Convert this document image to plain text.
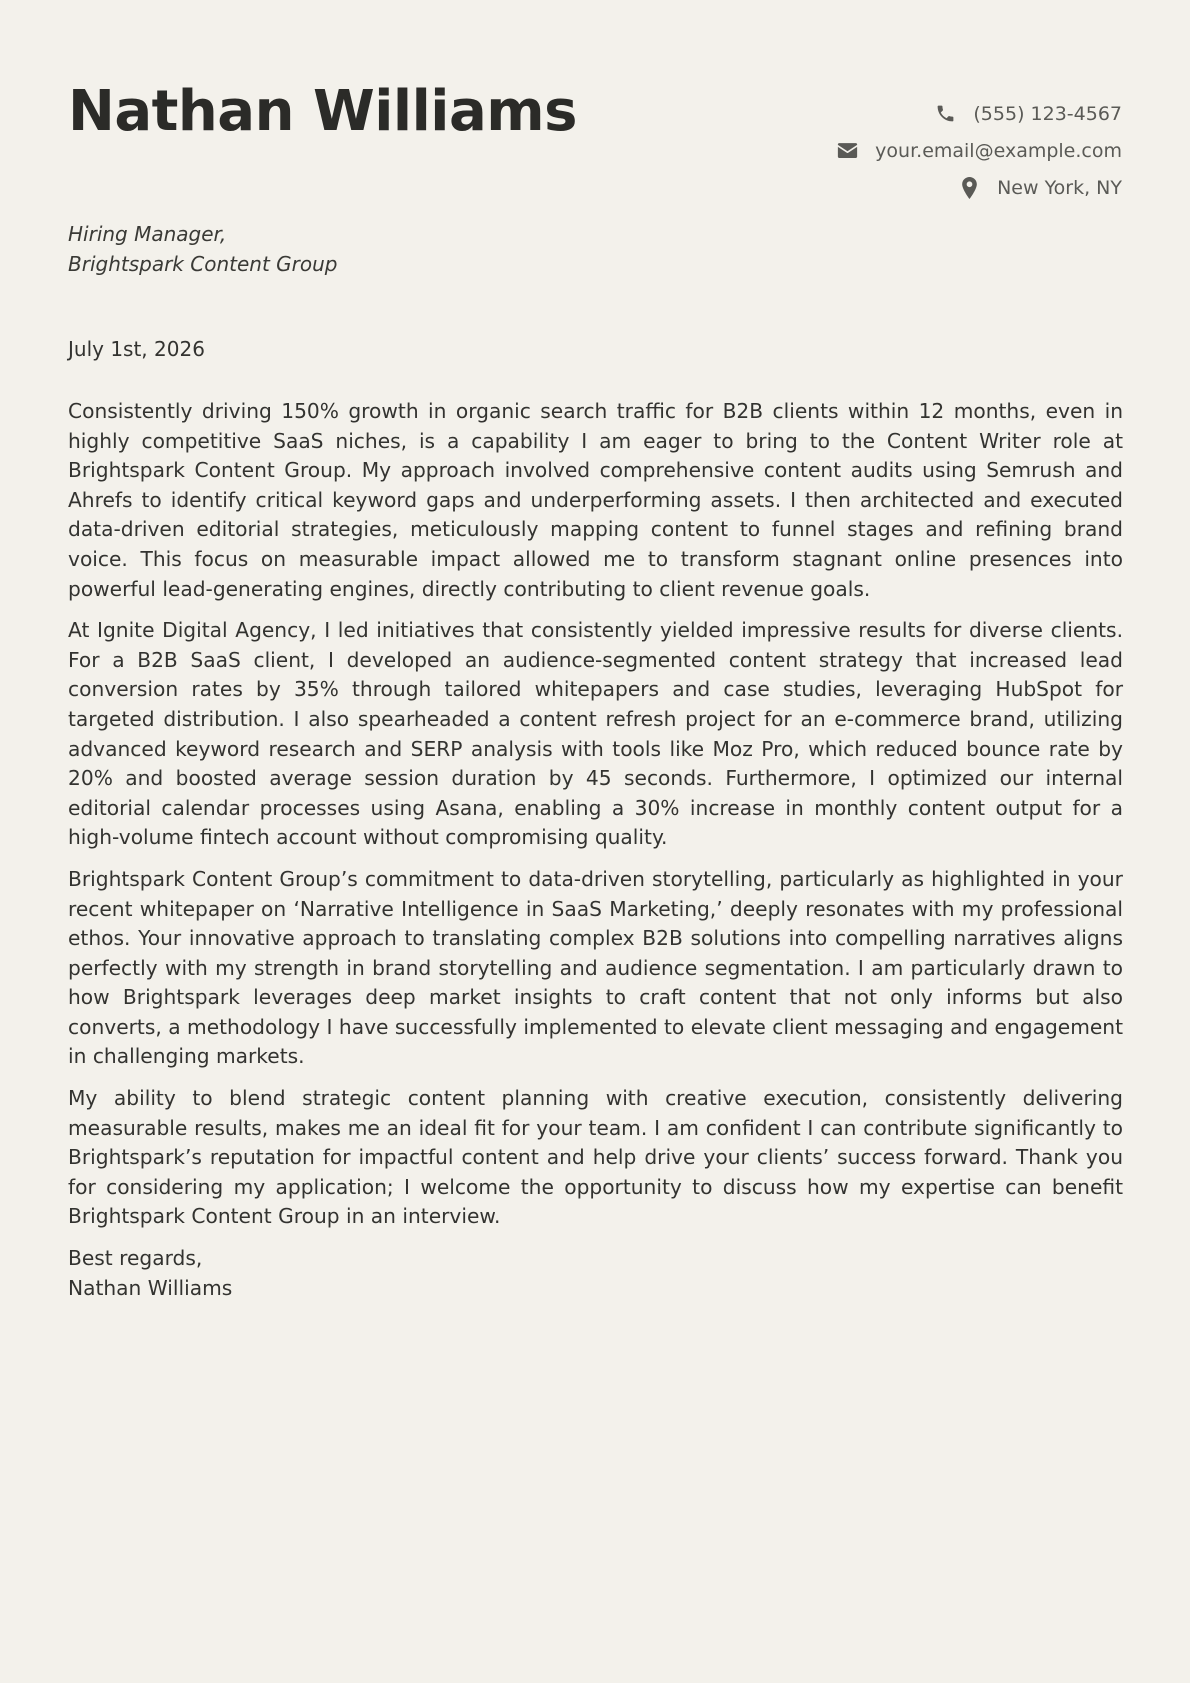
Nathan Williams	(555) 123-4567
your.email@example.com
New York, NY
Hiring Manager,
Brightspark Content Group
July 1st, 2026

Consistently driving 150% growth in organic search traffic for B2B clients within 12 months, even in highly competitive SaaS niches, is a capability I am eager to bring to the Content Writer role at Brightspark Content Group. My approach involved comprehensive content audits using Semrush and Ahrefs to identify critical keyword gaps and underperforming assets. I then architected and executed data-driven editorial strategies, meticulously mapping content to funnel stages and refining brand voice. This focus on measurable impact allowed me to transform stagnant online presences into powerful lead-generating engines, directly contributing to client revenue goals.

At Ignite Digital Agency, I led initiatives that consistently yielded impressive results for diverse clients. For a B2B SaaS client, I developed an audience-segmented content strategy that increased lead conversion rates by 35% through tailored whitepapers and case studies, leveraging HubSpot for targeted distribution. I also spearheaded a content refresh project for an e-commerce brand, utilizing advanced keyword research and SERP analysis with tools like Moz Pro, which reduced bounce rate by 20% and boosted average session duration by 45 seconds. Furthermore, I optimized our internal editorial calendar processes using Asana, enabling a 30% increase in monthly content output for a high-volume fintech account without compromising quality.

Brightspark Content Group’s commitment to data-driven storytelling, particularly as highlighted in your recent whitepaper on ‘Narrative Intelligence in SaaS Marketing,’ deeply resonates with my professional ethos. Your innovative approach to translating complex B2B solutions into compelling narratives aligns perfectly with my strength in brand storytelling and audience segmentation. I am particularly drawn to how Brightspark leverages deep market insights to craft content that not only informs but also converts, a methodology I have successfully implemented to elevate client messaging and engagement in challenging markets.

My ability to blend strategic content planning with creative execution, consistently delivering measurable results, makes me an ideal fit for your team. I am confident I can contribute significantly to Brightspark’s reputation for impactful content and help drive your clients’ success forward. Thank you for considering my application; I welcome the opportunity to discuss how my expertise can benefit Brightspark Content Group in an interview.

Best regards,
Nathan Williams
